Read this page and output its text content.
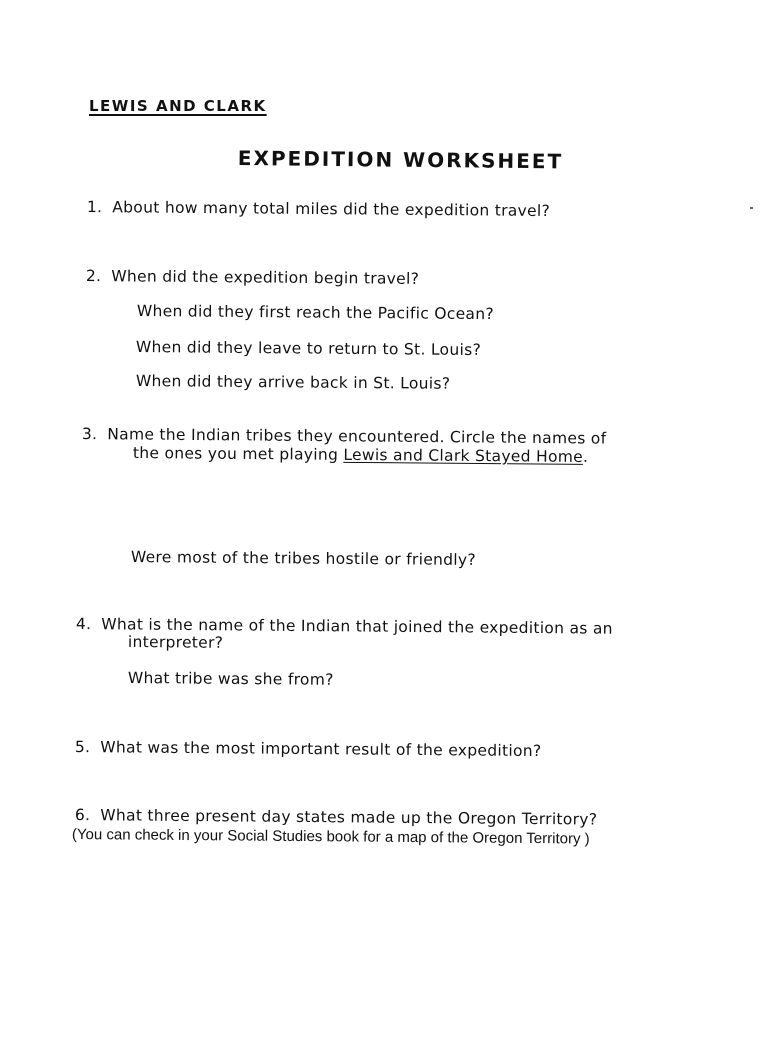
LEWIS AND CLARK
EXPEDITION WORKSHEET
1. About how many total miles did the expedition travel?
2. When did the expedition begin travel?
When did they first reach the Pacific Ocean?
When did they leave to return to St. Louis?
When did they arrive back in St. Louis?
3. Name the Indian tribes they encountered. Circle the names of
the ones you met playing Lewis and Clark Stayed Home.
Were most of the tribes hostile or friendly?
4. What is the name of the Indian that joined the expedition as an
interpreter?
What tribe was she from?
5. What was the most important result of the expedition?
6. What three present day states made up the Oregon Territory?
(You can check in your Social Studies book for a map of the Oregon Territory )
